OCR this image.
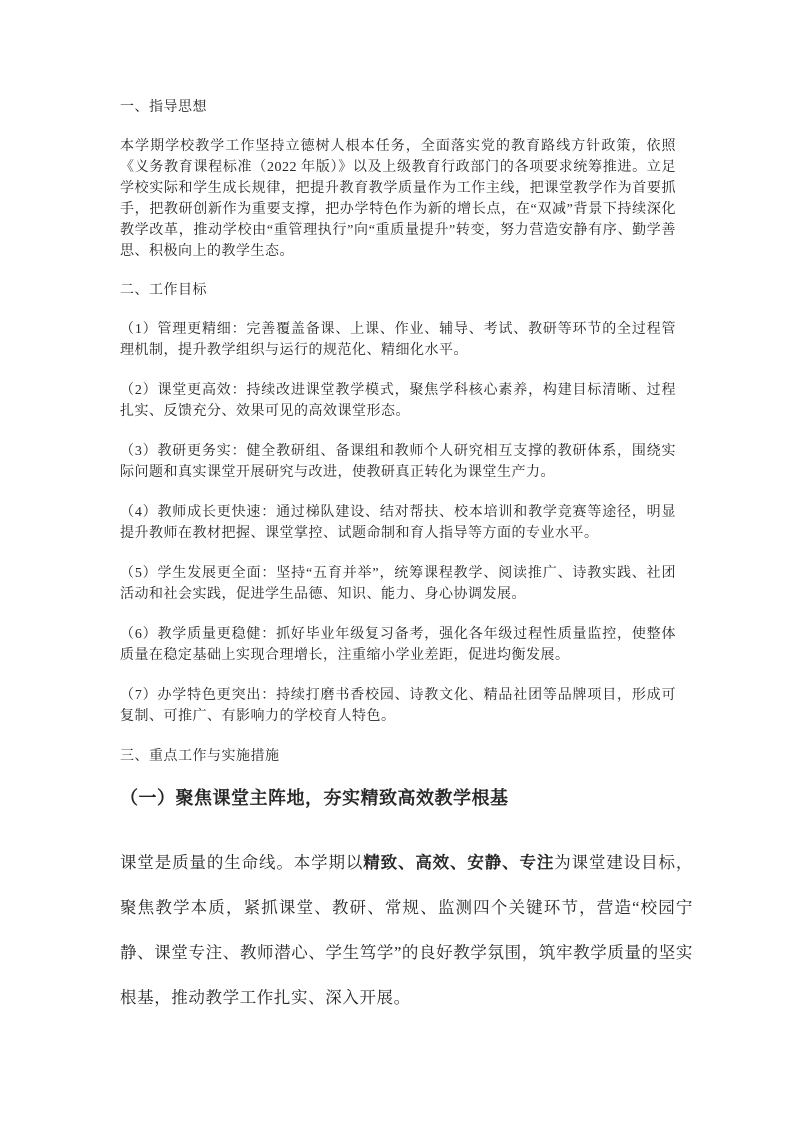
一、指导思想

本学期学校教学工作坚持立德树人根本任务，全面落实党的教育路线方针政策，依照《义务教育课程标准（2022 年版）》以及上级教育行政部门的各项要求统筹推进。立足学校实际和学生成长规律，把提升教育教学质量作为工作主线，把课堂教学作为首要抓手，把教研创新作为重要支撑，把办学特色作为新的增长点，在“双减”背景下持续深化教学改革，推动学校由“重管理执行”向“重质量提升”转变，努力营造安静有序、勤学善思、积极向上的教学生态。

二、工作目标

（1）管理更精细：完善覆盖备课、上课、作业、辅导、考试、教研等环节的全过程管理机制，提升教学组织与运行的规范化、精细化水平。

（2）课堂更高效：持续改进课堂教学模式，聚焦学科核心素养，构建目标清晰、过程扎实、反馈充分、效果可见的高效课堂形态。

（3）教研更务实：健全教研组、备课组和教师个人研究相互支撑的教研体系，围绕实际问题和真实课堂开展研究与改进，使教研真正转化为课堂生产力。

（4）教师成长更快速：通过梯队建设、结对帮扶、校本培训和教学竞赛等途径，明显提升教师在教材把握、课堂掌控、试题命制和育人指导等方面的专业水平。

（5）学生发展更全面：坚持“五育并举”，统筹课程教学、阅读推广、诗教实践、社团活动和社会实践，促进学生品德、知识、能力、身心协调发展。

（6）教学质量更稳健：抓好毕业年级复习备考，强化各年级过程性质量监控，使整体质量在稳定基础上实现合理增长，注重缩小学业差距，促进均衡发展。

（7）办学特色更突出：持续打磨书香校园、诗教文化、精品社团等品牌项目，形成可复制、可推广、有影响力的学校育人特色。

三、重点工作与实施措施

（一）聚焦课堂主阵地，夯实精致高效教学根基

课堂是质量的生命线。本学期以精致、高效、安静、专注为课堂建设目标，聚焦教学本质，紧抓课堂、教研、常规、监测四个关键环节，营造“校园宁静、课堂专注、教师潜心、学生笃学”的良好教学氛围，筑牢教学质量的坚实根基，推动教学工作扎实、深入开展。
